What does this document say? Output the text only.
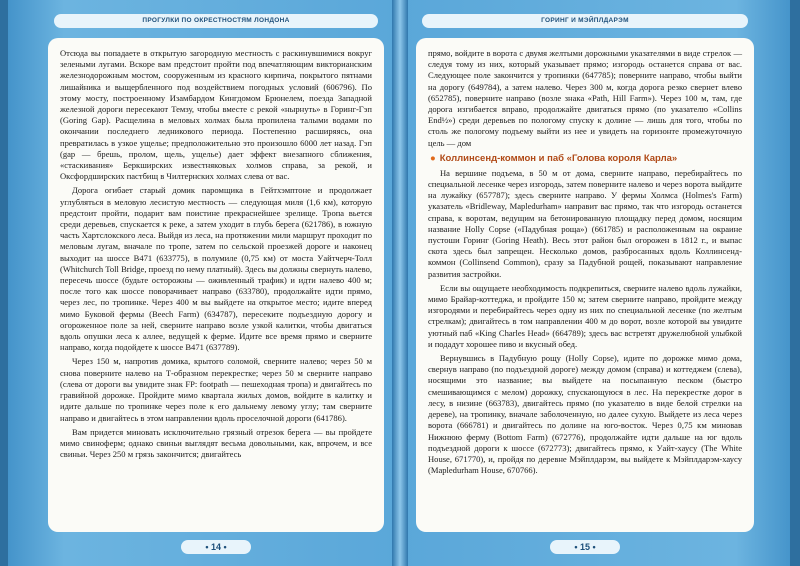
ПРОГУЛКИ ПО ОКРЕСТНОСТЯМ ЛОНДОНА

Отсюда вы попадаете в открытую загородную местность с раскинувшимися вокруг зелеными лугами. Вскоре вам предстоит пройти под впечатляющим викторианским железнодорожным мостом, сооруженным из красного кирпича, покрытого пятнами лишайника и выщербленного под воздействием погодных условий (606796). По этому мосту, построенному Изамбардом Кингдомом Брюнелем, поезда Западной железной дороги пересекают Темзу, чтобы вместе с рекой «нырнуть» в Горинг-Гэп (Goring Gap). Расщелина в меловых холмах была пропилена талыми водами по окончании последнего ледникового периода. Постепенно расширяясь, она превратилась в узкое ущелье; предположительно это произошло 6000 лет назад. Гэп (gap — брешь, пролом, щель, ущелье) дает эффект внезапного сближения, «стаскивания» Беркширских известняковых холмов справа, за рекой, и Оксфордширских пастбищ в Чилтернских холмах слева от вас.

Дорога огибает старый домик паромщика в Гейтхэмптоне и продолжает углубляться в меловую лесистую местность — следующая миля (1,6 км), которую предстоит пройти, подарит вам поистине прекраснейшее зрелище. Тропа вьется среди деревьев, спускается к реке, а затем уходит в глубь берега (621786), в южную часть Хартслокского леса. Выйдя из леса, на протяжении мили маршрут проходит по меловым лугам, вначале по тропе, затем по сельской проезжей дороге и наконец выходит на шоссе B471 (633775), в полумиле (0,75 км) от моста Уайтчерч-Толл (Whitchurch Toll Bridge, проезд по нему платный). Здесь вы должны свернуть налево, пересечь шоссе (будьте осторожны — оживленный трафик) и идти налево 400 м; после того как шоссе поворачивает направо (633780), продолжайте идти прямо, через лес, по тропинке. Через 400 м вы выйдете на открытое место; идите вперед мимо Буковой фермы (Beech Farm) (634787), пересеките подъездную дорогу и огороженное поле за ней, сверните направо возле узкой калитки, чтобы двигаться вдоль опушки леса к аллее, ведущей к ферме. Идите все время прямо и сверните направо, когда подойдете к шоссе B471 (637789).

Через 150 м, напротив домика, крытого соломой, сверните налево; через 50 м снова поверните налево на Т-образном перекрестке; через 50 м сверните направо (слева от дороги вы увидите знак FP: footpath — пешеходная тропа) и двигайтесь по гравийной дорожке. Пройдите мимо квартала жилых домов, войдите в калитку и идите дальше по тропинке через поле к его дальнему левому углу; там сверните направо и двигайтесь в этом направлении вдоль проселочной дороги (641786).

Вам придется миновать исключительно грязный отрезок берега — вы пройдете мимо свиноферм; однако свиньи выглядят весьма довольными, как, впрочем, и все свиньи. Через 250 м грязь закончится; двигайтесь

• 14 •
ГОРИНГ И МЭЙПЛДАРЭМ

прямо, войдите в ворота с двумя желтыми дорожными указателями в виде стрелок — следуя тому из них, который указывает прямо; изгородь останется справа от вас. Следующее поле закончится у тропинки (647785); поверните направо, чтобы выйти на дорогу (649784), а затем налево. Через 300 м, когда дорога резко свернет влево (652785), поверните направо (возле знака «Path, Hill Farm»). Через 100 м, там, где дорога изгибается вправо, продолжайте двигаться прямо (по указателю «Collins End½») среди деревьев по пологому спуску к долине — лишь для того, чтобы по столь же пологому подъему выйти из нее и увидеть на горизонте промежуточную цель — дом

● Коллинсенд-коммон и паб «Голова короля Карла»

На вершине подъема, в 50 м от дома, сверните направо, перебирайтесь по специальной лесенке через изгородь, затем поверните налево и через ворота выйдите на лужайку (657787); здесь сверните направо. У фермы Холмса (Holmes's Farm) указатель «Bridleway, Mapledurham» направит вас прямо, так что изгородь останется справа, к воротам, ведущим на бетонированную площадку перед домом, носящим название Holly Copse («Падубная роща») (661785) и расположенным на окраине пустоши Горинг (Goring Heath). Весь этот район был огорожен в 1812 г., и выпас скота здесь был запрещен. Несколько домов, разбросанных вдоль Коллинсенд-коммон (Collinsend Common), сразу за Падубной рощей, показывают направление развития застройки.

Если вы ощущаете необходимость подкрепиться, сверните налево вдоль лужайки, мимо Брайар-коттеджа, и пройдите 150 м; затем сверните направо, пройдите между изгородями и перебирайтесь через одну из них по специальной лесенке (по желтым стрелкам); двигайтесь в том направлении 400 м до ворот, возле которой вы увидите уютный паб «King Charles Head» (664789); здесь вас встретят дружелюбной улыбкой и подадут хорошее пиво и вкусный обед.

Вернувшись в Падубную рощу (Holly Copse), идите по дорожке мимо дома, свернув направо (по подъездной дороге) между домом (справа) и коттеджем (слева), носящими это название; вы выйдете на посыпанную песком (быстро смешивающимся с мелом) дорожку, спускающуюся в лес. На перекрестке дорог в лесу, в низине (663783), двигайтесь прямо (по указателю в виде белой стрелки на дереве), на тропинку, вначале заболоченную, но далее сухую. Выйдете из леса через ворота (666781) и двигайтесь по долине на юго-восток. Через 0,75 км миновав Нижнюю ферму (Bottom Farm) (672776), продолжайте идти дальше на юг вдоль подъездной дороги к шоссе (672773); двигайтесь прямо, к Уайт-хаусу (The White House, 671770), и, пройдя по деревне Мэйплдарэм, вы выйдете к Мэйплдарэм-хаусу (Mapledurham House, 670766).

• 15 •
